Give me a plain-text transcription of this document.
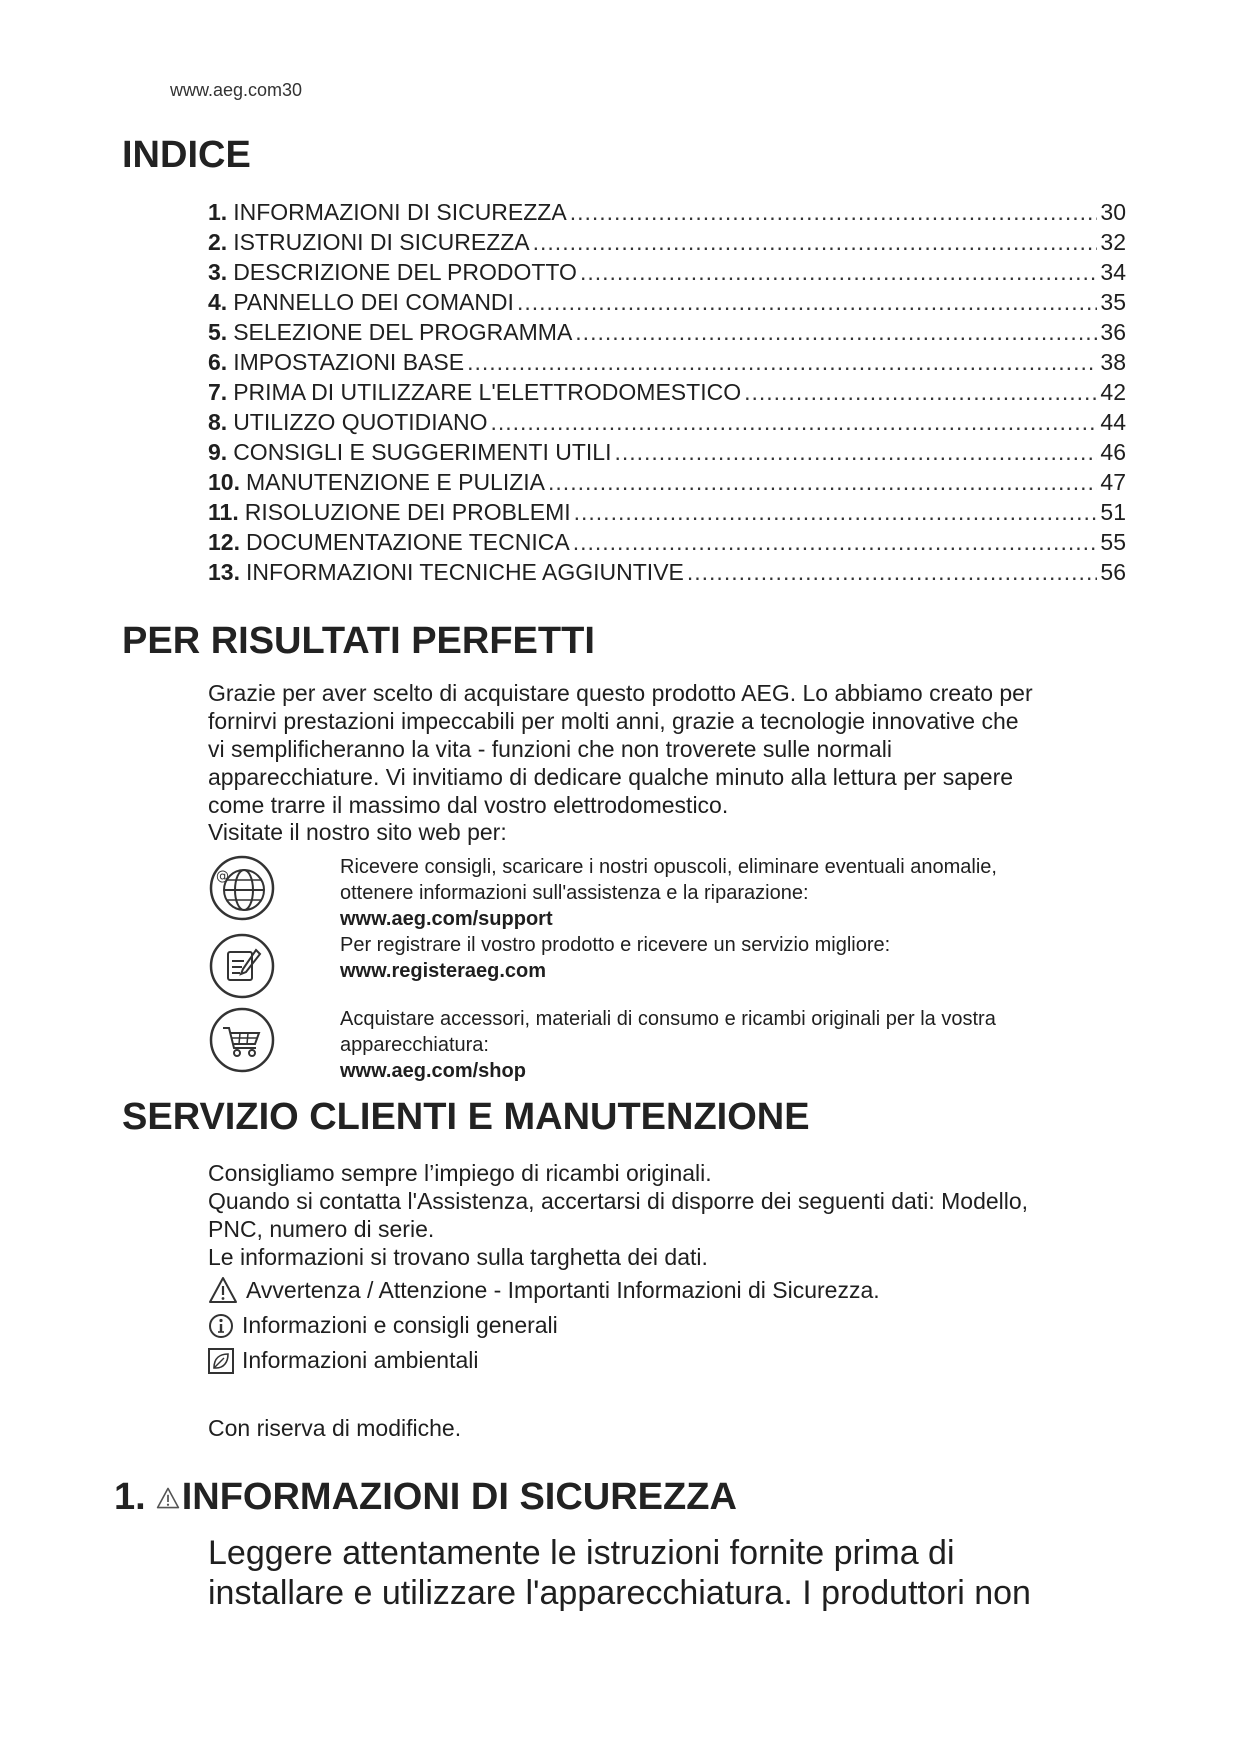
www.aeg.com30
INDICE
1. INFORMAZIONI DI SICUREZZA .....	30
2. ISTRUZIONI DI SICUREZZA .....	32
3. DESCRIZIONE DEL PRODOTTO .....	34
4. PANNELLO DEI COMANDI .....	35
5. SELEZIONE DEL PROGRAMMA .....	36
6. IMPOSTAZIONI BASE .....	38
7. PRIMA DI UTILIZZARE L'ELETTRODOMESTICO .....	42
8. UTILIZZO QUOTIDIANO .....	44
9. CONSIGLI E SUGGERIMENTI UTILI .....	46
10. MANUTENZIONE E PULIZIA .....	47
11. RISOLUZIONE DEI PROBLEMI .....	51
12. DOCUMENTAZIONE TECNICA .....	55
13. INFORMAZIONI TECNICHE AGGIUNTIVE .....	56
PER RISULTATI PERFETTI
Grazie per aver scelto di acquistare questo prodotto AEG. Lo abbiamo creato per
fornirvi prestazioni impeccabili per molti anni, grazie a tecnologie innovative che
vi semplificheranno la vita - funzioni che non troverete sulle normali
apparecchiature. Vi invitiamo di dedicare qualche minuto alla lettura per sapere
come trarre il massimo dal vostro elettrodomestico.
Visitate il nostro sito web per:
@	Ricevere consigli, scaricare i nostri opuscoli, eliminare eventuali anomalie,
ottenere informazioni sull'assistenza e la riparazione:
www.aeg.com/support
Per registrare il vostro prodotto e ricevere un servizio migliore:
www.registeraeg.com
Acquistare accessori, materiali di consumo e ricambi originali per la vostra
apparecchiatura:
www.aeg.com/shop
SERVIZIO CLIENTI E MANUTENZIONE
Consigliamo sempre l’impiego di ricambi originali.
Quando si contatta l'Assistenza, accertarsi di disporre dei seguenti dati: Modello,
PNC, numero di serie.
Le informazioni si trovano sulla targhetta dei dati.
Avvertenza / Attenzione - Importanti Informazioni di Sicurezza.
Informazioni e consigli generali
Informazioni ambientali
Con riserva di modifiche.
1. INFORMAZIONI DI SICUREZZA
Leggere attentamente le istruzioni fornite prima di
installare e utilizzare l'apparecchiatura. I produttori non
